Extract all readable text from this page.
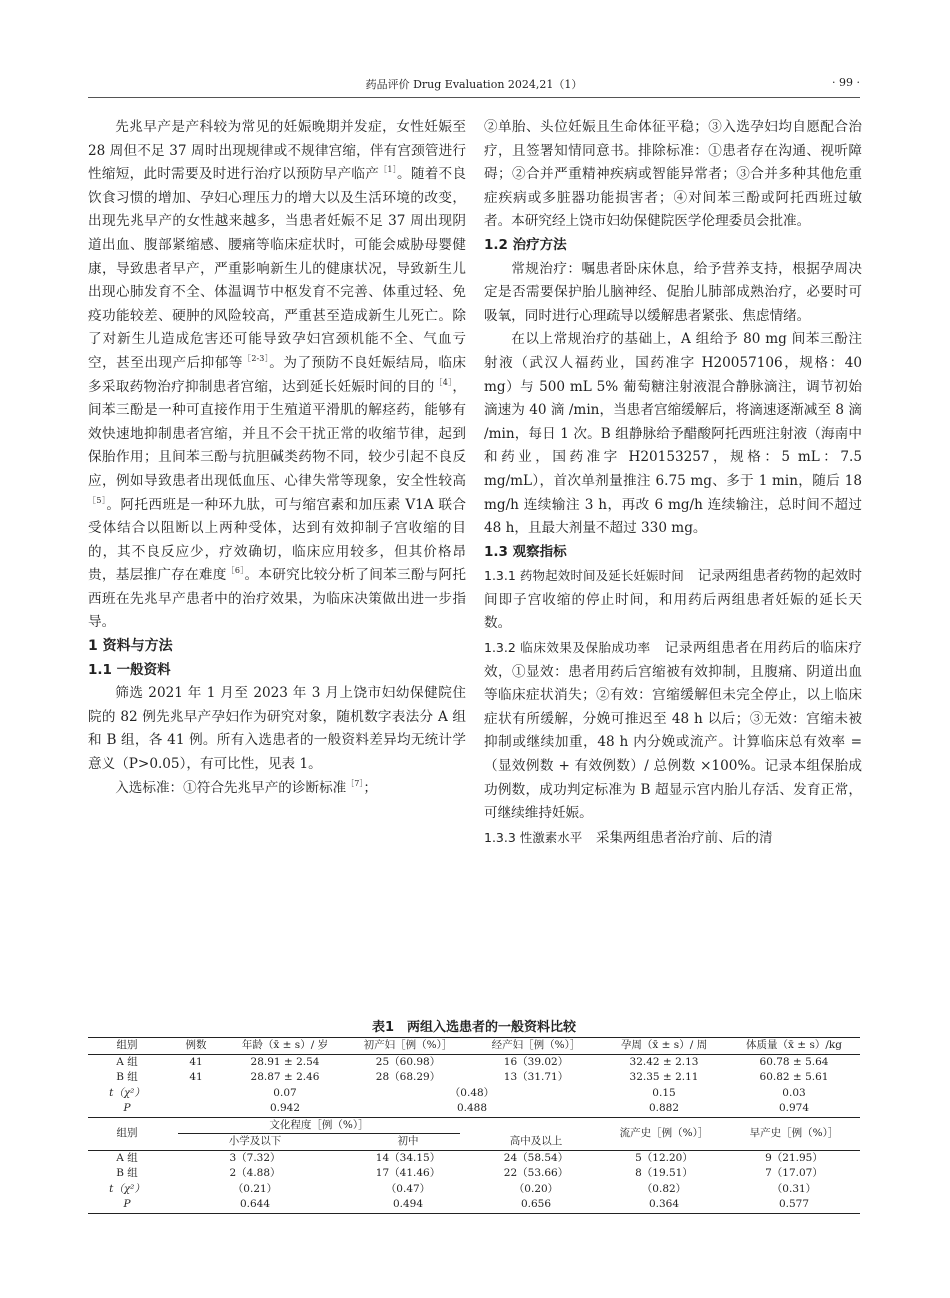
药品评价 Drug Evaluation 2024,21（1）	· 99 ·

先兆早产是产科较为常见的妊娠晚期并发症，女性妊娠至 28 周但不足 37 周时出现规律或不规律宫缩，伴有宫颈管进行性缩短，此时需要及时进行治疗以预防早产临产$^{[1]}$。随着不良饮食习惯的增加、孕妇心理压力的增大以及生活环境的改变，出现先兆早产的女性越来越多，当患者妊娠不足 37 周出现阴道出血、腹部紧缩感、腰痛等临床症状时，可能会威胁母婴健康，导致患者早产，严重影响新生儿的健康状况，导致新生儿出现心肺发育不全、体温调节中枢发育不完善、体重过轻、免疫功能较差、硬肿的风险较高，严重甚至造成新生儿死亡。除了对新生儿造成危害还可能导致孕妇宫颈机能不全、气血亏空，甚至出现产后抑郁等$^{[2-3]}$。为了预防不良妊娠结局，临床多采取药物治疗抑制患者宫缩，达到延长妊娠时间的目的$^{[4]}$，间苯三酚是一种可直接作用于生殖道平滑肌的解痉药，能够有效快速地抑制患者宫缩，并且不会干扰正常的收缩节律，起到保胎作用；且间苯三酚与抗胆碱类药物不同，较少引起不良反应，例如导致患者出现低血压、心律失常等现象，安全性较高$^{[5]}$。阿托西班是一种环九肽，可与缩宫素和加压素 V1A 联合受体结合以阻断以上两种受体，达到有效抑制子宫收缩的目的，其不良反应少，疗效确切，临床应用较多，但其价格昂贵，基层推广存在难度$^{[6]}$。本研究比较分析了间苯三酚与阿托西班在先兆早产患者中的治疗效果，为临床决策做出进一步指导。

1 资料与方法
1.1 一般资料

筛选 2021 年 1 月至 2023 年 3 月上饶市妇幼保健院住院的 82 例先兆早产孕妇作为研究对象，随机数字表法分 A 组和 B 组，各 41 例。所有入选患者的一般资料差异均无统计学意义（P>0.05），有可比性，见表 1。

入选标准：①符合先兆早产的诊断标准$^{[7]}$；

②单胎、头位妊娠且生命体征平稳；③入选孕妇均自愿配合治疗，且签署知情同意书。排除标准：①患者存在沟通、视听障碍；②合并严重精神疾病或智能异常者；③合并多种其他危重症疾病或多脏器功能损害者；④对间苯三酚或阿托西班过敏者。本研究经上饶市妇幼保健院医学伦理委员会批准。

1.2 治疗方法

常规治疗：嘱患者卧床休息，给予营养支持，根据孕周决定是否需要保护胎儿脑神经、促胎儿肺部成熟治疗，必要时可吸氧，同时进行心理疏导以缓解患者紧张、焦虑情绪。

在以上常规治疗的基础上，A 组给予 80 mg 间苯三酚注射液（武汉人福药业，国药准字 H20057106，规格：40 mg）与 500 mL 5% 葡萄糖注射液混合静脉滴注，调节初始滴速为 40 滴 /min，当患者宫缩缓解后，将滴速逐渐减至 8 滴 /min，每日 1 次。B 组静脉给予醋酸阿托西班注射液（海南中和药业，国药准字 H20153257，规格：5 mL：7.5 mg/mL），首次单剂量推注 6.75 mg、多于 1 min，随后 18 mg/h 连续输注 3 h，再改 6 mg/h 连续输注，总时间不超过 48 h，且最大剂量不超过 330 mg。

1.3 观察指标

1.3.1 药物起效时间及延长妊娠时间　 记录两组患者药物的起效时间即子宫收缩的停止时间，和用药后两组患者妊娠的延长天数。

1.3.2 临床效果及保胎成功率　 记录两组患者在用药后的临床疗效，①显效：患者用药后宫缩被有效抑制，且腹痛、阴道出血等临床症状消失；②有效：宫缩缓解但未完全停止，以上临床症状有所缓解，分娩可推迟至 48 h 以后；③无效：宫缩未被抑制或继续加重，48 h 内分娩或流产。计算临床总有效率 =（显效例数 + 有效例数）/ 总例数 ×100%。记录本组保胎成功例数，成功判定标准为 B 超显示宫内胎儿存活、发育正常，可继续维持妊娠。

1.3.3 性激素水平　 采集两组患者治疗前、后的清

表1　两组入选患者的一般资料比较
组别	例数	年龄（x̄ ± s）/ 岁	初产妇［例（%）］	经产妇［例（%）］	孕周（x̄ ± s）/ 周	体质量（x̄ ± s）/kg
A 组	41	28.91 ± 2.54	25（60.98）	16（39.02）	32.42 ± 2.13	60.78 ± 5.64
B 组	41	28.87 ± 2.46	28（68.29）	13（31.71）	32.35 ± 2.11	60.82 ± 5.61
t（χ²）		0.07	（0.48）		0.15	0.03
P		0.942	0.488		0.882	0.974
组别	文化程度［例（%）］				流产史［例（%）］	早产史［例（%）］
	小学及以下		初中	高中及以上		
A 组	3（7.32）		14（34.15）	24（58.54）	5（12.20）	9（21.95）
B 组	2（4.88）		17（41.46）	22（53.66）	8（19.51）	7（17.07）
t（χ²）	（0.21）		（0.47）	（0.20）	（0.82）	（0.31）
P	0.644		0.494	0.656	0.364	0.577
